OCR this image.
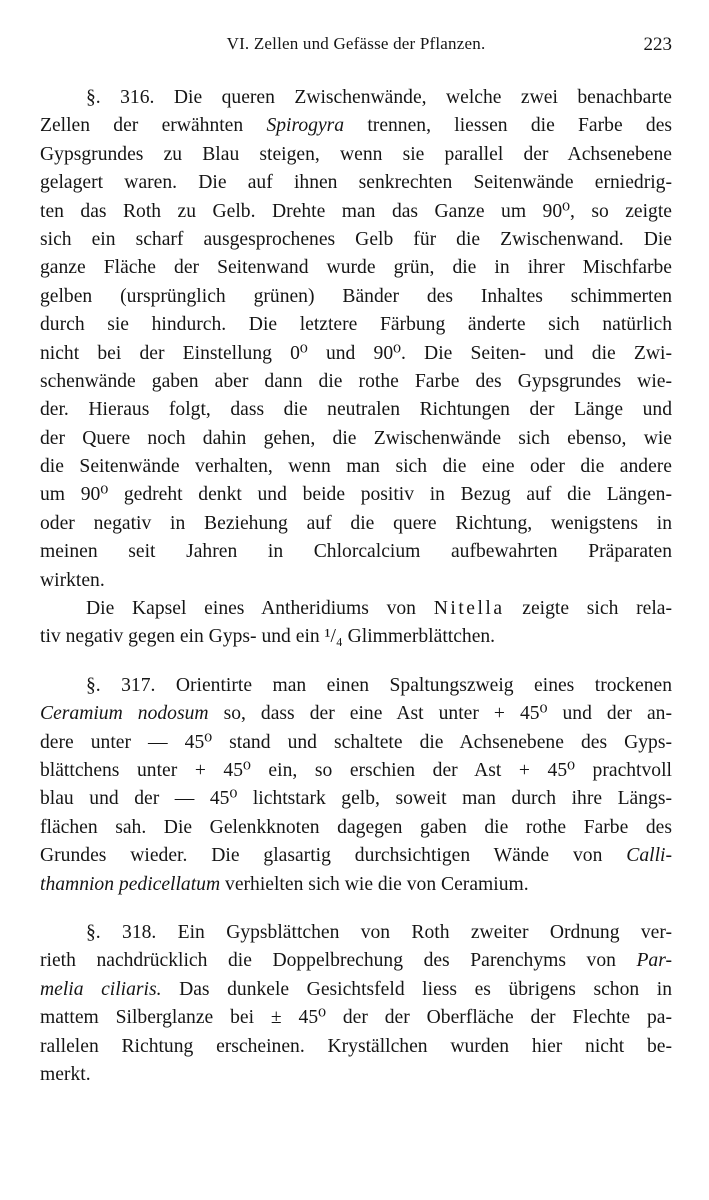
VI. Zellen und Gefässe der Pflanzen.	223
§. 316. Die queren Zwischenwände, welche zwei benachbarte
Zellen der erwähnten Spirogyra trennen, liessen die Farbe des
Gypsgrundes zu Blau steigen, wenn sie parallel der Achsenebene
gelagert waren. Die auf ihnen senkrechten Seitenwände erniedrig-
ten das Roth zu Gelb. Drehte man das Ganze um 90⁰, so zeigte
sich ein scharf ausgesprochenes Gelb für die Zwischenwand. Die
ganze Fläche der Seitenwand wurde grün, die in ihrer Mischfarbe
gelben (ursprünglich grünen) Bänder des Inhaltes schimmerten
durch sie hindurch. Die letztere Färbung änderte sich natürlich
nicht bei der Einstellung 0⁰ und 90⁰. Die Seiten- und die Zwi-
schenwände gaben aber dann die rothe Farbe des Gypsgrundes wie-
der. Hieraus folgt, dass die neutralen Richtungen der Länge und
der Quere noch dahin gehen, die Zwischenwände sich ebenso, wie
die Seitenwände verhalten, wenn man sich die eine oder die andere
um 90⁰ gedreht denkt und beide positiv in Bezug auf die Längen-
oder negativ in Beziehung auf die quere Richtung, wenigstens in
meinen seit Jahren in Chlorcalcium aufbewahrten Präparaten
wirkten.
Die Kapsel eines Antheridiums von Nitella zeigte sich rela-
tiv negativ gegen ein Gyps- und ein ¹/₄ Glimmerblättchen.
§. 317. Orientirte man einen Spaltungszweig eines trockenen
Ceramium nodosum so, dass der eine Ast unter + 45⁰ und der an-
dere unter — 45⁰ stand und schaltete die Achsenebene des Gyps-
blättchens unter + 45⁰ ein, so erschien der Ast + 45⁰ prachtvoll
blau und der — 45⁰ lichtstark gelb, soweit man durch ihre Längs-
flächen sah. Die Gelenkknoten dagegen gaben die rothe Farbe des
Grundes wieder. Die glasartig durchsichtigen Wände von Calli-
thamnion pedicellatum verhielten sich wie die von Ceramium.
§. 318. Ein Gypsblättchen von Roth zweiter Ordnung ver-
rieth nachdrücklich die Doppelbrechung des Parenchyms von Par-
melia ciliaris. Das dunkele Gesichtsfeld liess es übrigens schon in
mattem Silberglanze bei ± 45⁰ der der Oberfläche der Flechte pa-
rallelen Richtung erscheinen. Kryställchen wurden hier nicht be-
merkt.
